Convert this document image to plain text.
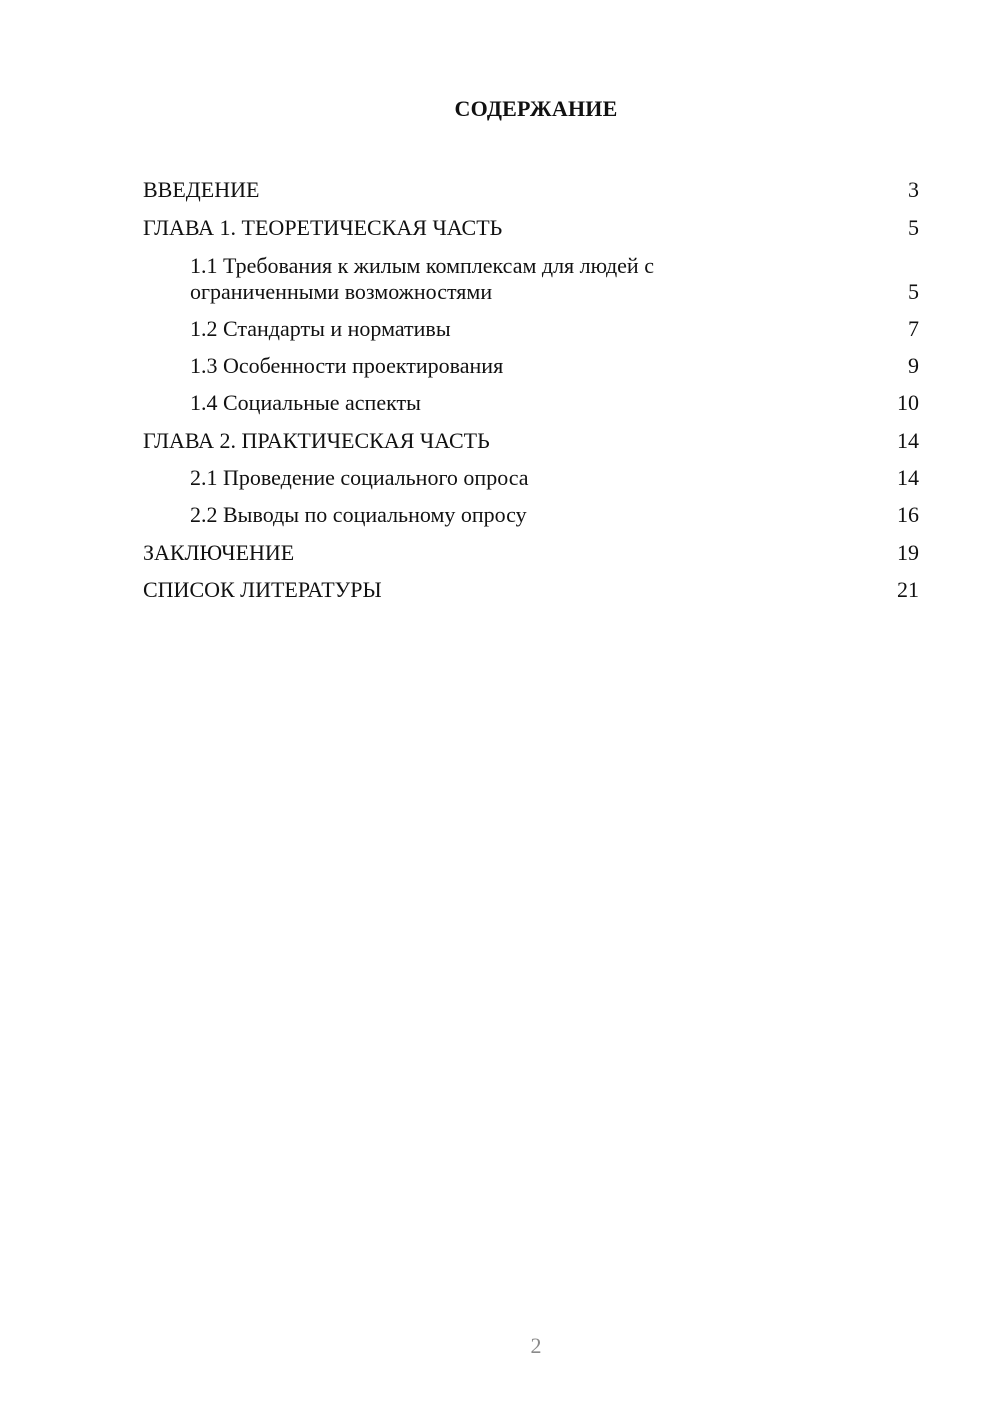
СОДЕРЖАНИЕ
ВВЕДЕНИЕ	3
ГЛАВА 1. ТЕОРЕТИЧЕСКАЯ ЧАСТЬ	5
1.1 Требования к жилым комплексам для людей с ограниченными возможностями	5
1.2 Стандарты и нормативы	7
1.3 Особенности проектирования	9
1.4 Социальные аспекты	10
ГЛАВА 2. ПРАКТИЧЕСКАЯ ЧАСТЬ	14
2.1 Проведение социального опроса	14
2.2 Выводы по социальному опросу	16
ЗАКЛЮЧЕНИЕ	19
СПИСОК ЛИТЕРАТУРЫ	21
2
